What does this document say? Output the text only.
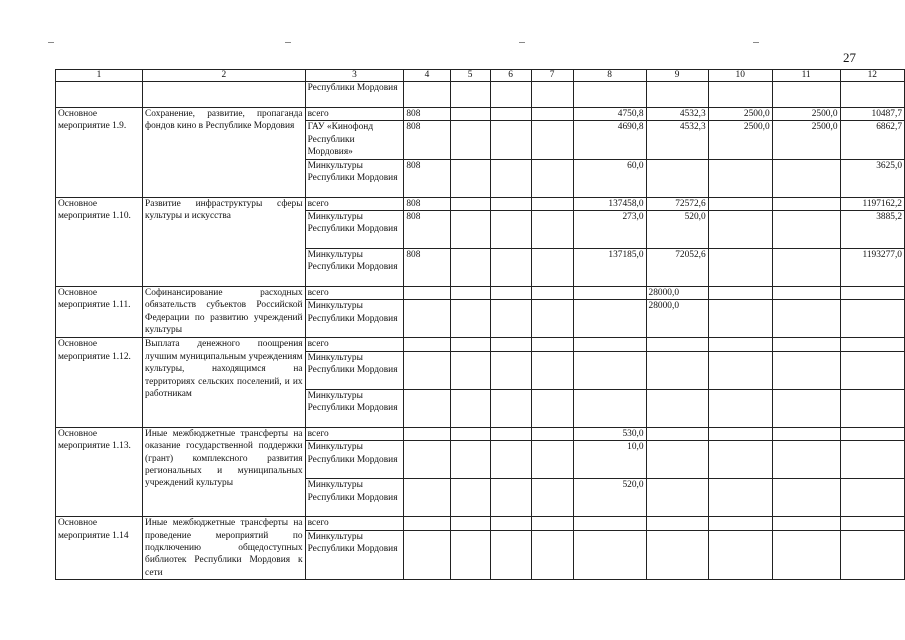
27
1	2	3	4	5	6	7	8	9	10	11	12
		Республики Мордовия									
Основное мероприятие 1.9.	Сохранение, развитие, пропаганда фондов кино в Республике Мордовия	всего	808				4750,8	4532,3	2500,0	2500,0	10487,7
		ГАУ «Кинофонд Республики Мордовия»	808				4690,8	4532,3	2500,0	2500,0	6862,7
		Минкультуры Республики Мордовия	808				60,0				3625,0
Основное мероприятие 1.10.	Развитие инфраструктуры сферы культуры и искусства	всего	808				137458,0	72572,6			1197162,2
		Минкультуры Республики Мордовия	808				273,0	520,0			3885,2
		Минкультуры Республики Мордовия	808				137185,0	72052,6			1193277,0
Основное мероприятие 1.11.	Софинансирование расходных обязательств субъектов Российской Федерации по развитию учреждений культуры	всего						28000,0			
		Минкультуры Республики Мордовия						28000,0			
Основное мероприятие 1.12.	Выплата денежного поощрения лучшим муниципальным учреждениям культуры, находящимся на территориях сельских поселений, и их работникам	всего									
		Минкультуры Республики Мордовия									
		Минкультуры Республики Мордовия									
Основное мероприятие 1.13.	Иные межбюджетные трансферты на оказание государственной поддержки (грант) комплексного развития региональных и муниципальных учреждений культуры	всего					530,0				
		Минкультуры Республики Мордовия					10,0				
		Минкультуры Республики Мордовия					520,0				
Основное мероприятие 1.14	Иные межбюджетные трансферты на проведение мероприятий по подключению общедоступных библиотек Республики Мордовия к сети	всего									
		Минкультуры Республики Мордовия									
